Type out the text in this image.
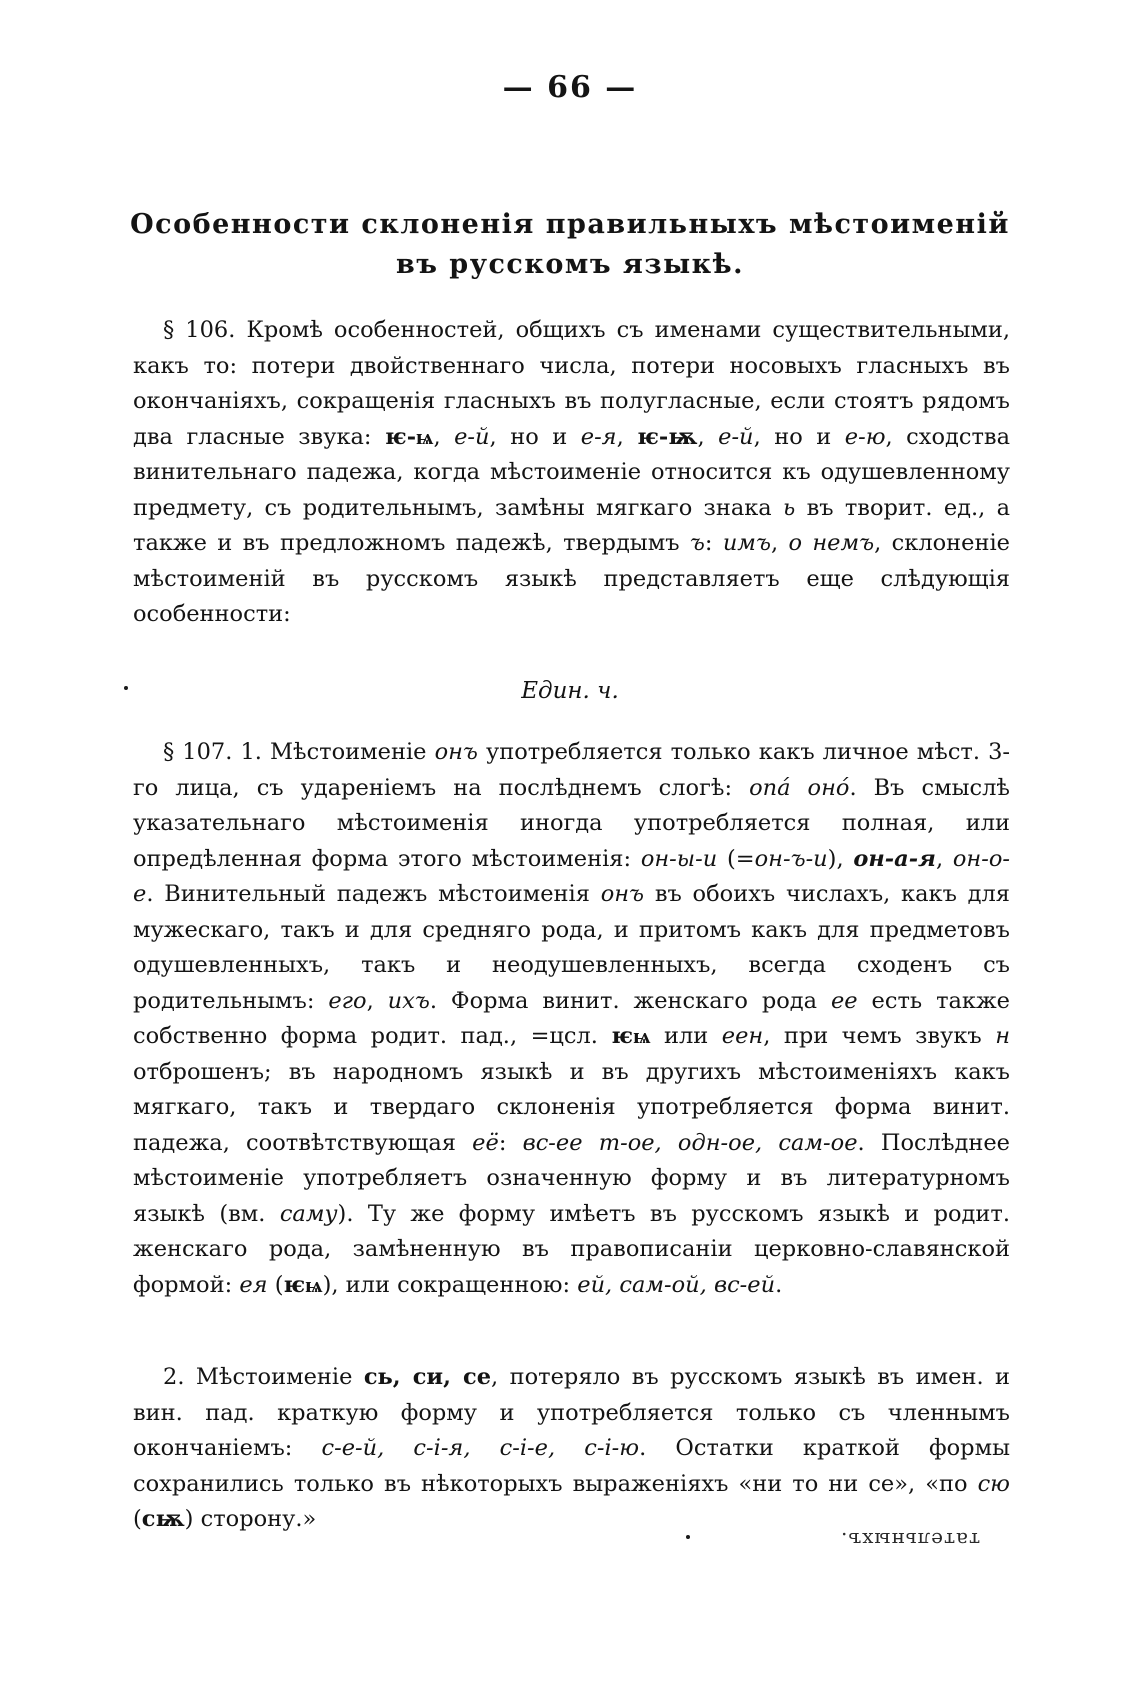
— 66 —
Особенности склоненія правильныхъ мѣстоименій
въ русскомъ языкѣ.

§ 106. Кромѣ особенностей, общихъ съ именами существительными, какъ то: потери двойственнаго числа, потери носовыхъ гласныхъ въ окончаніяхъ, сокращенія гласныхъ въ полугласные, если стоятъ рядомъ два гласные звука: ѥ-ѩ, е-й, но и е-я, ѥ-ѭ, е-й, но и е-ю, сходства винительнаго падежа, когда мѣстоименіе относится къ одушевленному предмету, съ родительнымъ, замѣны мягкаго знака ь въ творит. ед., а также и въ предложномъ падежѣ, твердымъ ъ: имъ, о немъ, склоненіе мѣстоименій въ русскомъ языкѣ представляетъ еще слѣдующія особенности:

Един. ч.

§ 107. 1. Мѣстоименіе онъ употребляется только какъ личное мѣст. 3-го лица, съ удареніемъ на послѣднемъ слогѣ: оná онó. Въ смыслѣ указательнаго мѣстоименія иногда употребляется полная, или опредѣленная форма этого мѣстоименія: он-ы-и (=он-ъ-и), он-а-я, он-о-е. Винительный падежъ мѣстоименія онъ въ обоихъ числахъ, какъ для мужескаго, такъ и для средняго рода, и притомъ какъ для предметовъ одушевленныхъ, такъ и неодушевленныхъ, всегда сходенъ съ родительнымъ: его, ихъ. Форма винит. женскаго рода ее есть также собственно форма родит. пад., =цсл. ѥѩ или еен, при чемъ звукъ н отброшенъ; въ народномъ языкѣ и въ другихъ мѣстоименіяхъ какъ мягкаго, такъ и твердаго склоненія употребляется форма винит. падежа, соотвѣтствующая её: вс-ее т-ое, одн-ое, сам-ое. Послѣднее мѣстоименіе употребляетъ означенную форму и въ литературномъ языкѣ (вм. саму). Ту же форму имѣетъ въ русскомъ языкѣ и родит. женскаго рода, замѣненную въ правописаніи церковно-славянской формой: ея (ѥѩ), или сокращенною: ей, сам-ой, вс-ей.

2. Мѣстоименіе сь, си, се, потеряло въ русскомъ языкѣ въ имен. и вин. пад. краткую форму и употребляется только съ членнымъ окончаніемъ: с-е-й, с-і-я, с-і-е, с-і-ю. Остатки краткой формы сохранились только въ нѣкоторыхъ выраженіяхъ «ни то ни се», «по сю (сѭ) сторону.»

тательныхъ.
